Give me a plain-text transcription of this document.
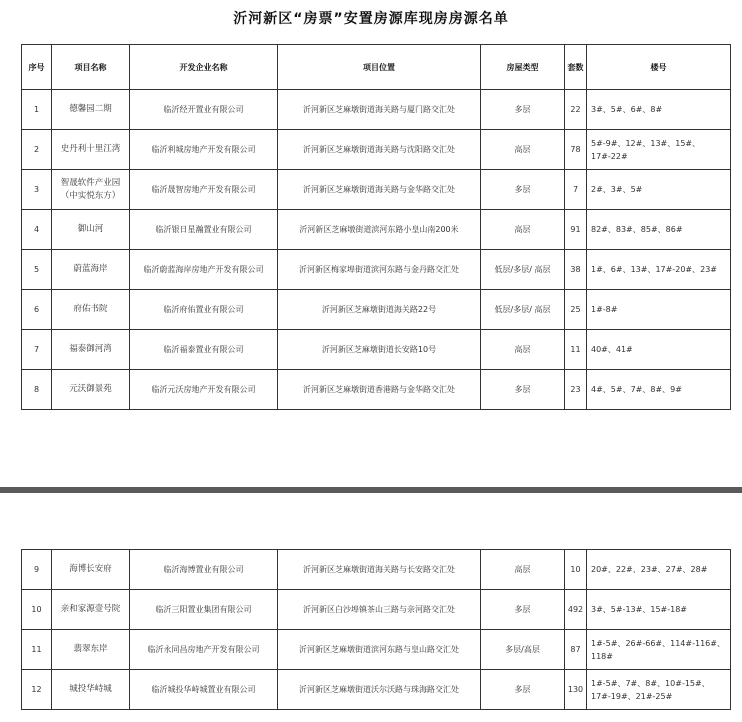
沂河新区“房票”安置房源库现房房源名单
序号	项目名称	开发企业名称	项目位置	房屋类型	套数	楼号
1	德馨园二期	临沂经开置业有限公司	沂河新区芝麻墩街道海关路与厦门路交汇处	多层	22	3#、5#、6#、8#
2	史丹利十里江湾	临沂利城房地产开发有限公司	沂河新区芝麻墩街道海关路与沈阳路交汇处	高层	78	5#-9#、12#、13#、15#、17#-22#
3	智晟软件产业园（中实悦东方）	临沂晟智房地产开发有限公司	沂河新区芝麻墩街道海关路与金华路交汇处	多层	7	2#、3#、5#
4	御山河	临沂银日星瀚置业有限公司	沂河新区芝麻墩街道滨河东路小皇山南200米	高层	91	82#、83#、85#、86#
5	蔚蓝海岸	临沂蔚蓝海岸房地产开发有限公司	沂河新区梅家埠街道滨河东路与金丹路交汇处	低层/多层/ 高层	38	1#、6#、13#、17#-20#、23#
6	府佑书院	临沂府佑置业有限公司	沂河新区芝麻墩街道海关路22号	低层/多层/ 高层	25	1#-8#
7	福泰御河湾	临沂福泰置业有限公司	沂河新区芝麻墩街道长安路10号	高层	11	40#、41#
8	元沃御景苑	临沂元沃房地产开发有限公司	沂河新区芝麻墩街道香港路与金华路交汇处	多层	23	4#、5#、7#、8#、9#
9	海博长安府	临沂海博置业有限公司	沂河新区芝麻墩街道海关路与长安路交汇处	高层	10	20#、22#、23#、27#、28#
10	亲和家源壹号院	临沂三阳置业集团有限公司	沂河新区白沙埠镇茶山三路与亲河路交汇处	多层	492	3#、5#-13#、15#-18#
11	翡翠东岸	临沂永同昌房地产开发有限公司	沂河新区芝麻墩街道滨河东路与皇山路交汇处	多层/高层	87	1#-5#、26#-66#、114#-116#、118#
12	城投华峙城	临沂城投华峙城置业有限公司	沂河新区芝麻墩街道沃尔沃路与珠海路交汇处	多层	130	1#-5#、7#、8#、10#-15#、17#-19#、21#-25#
